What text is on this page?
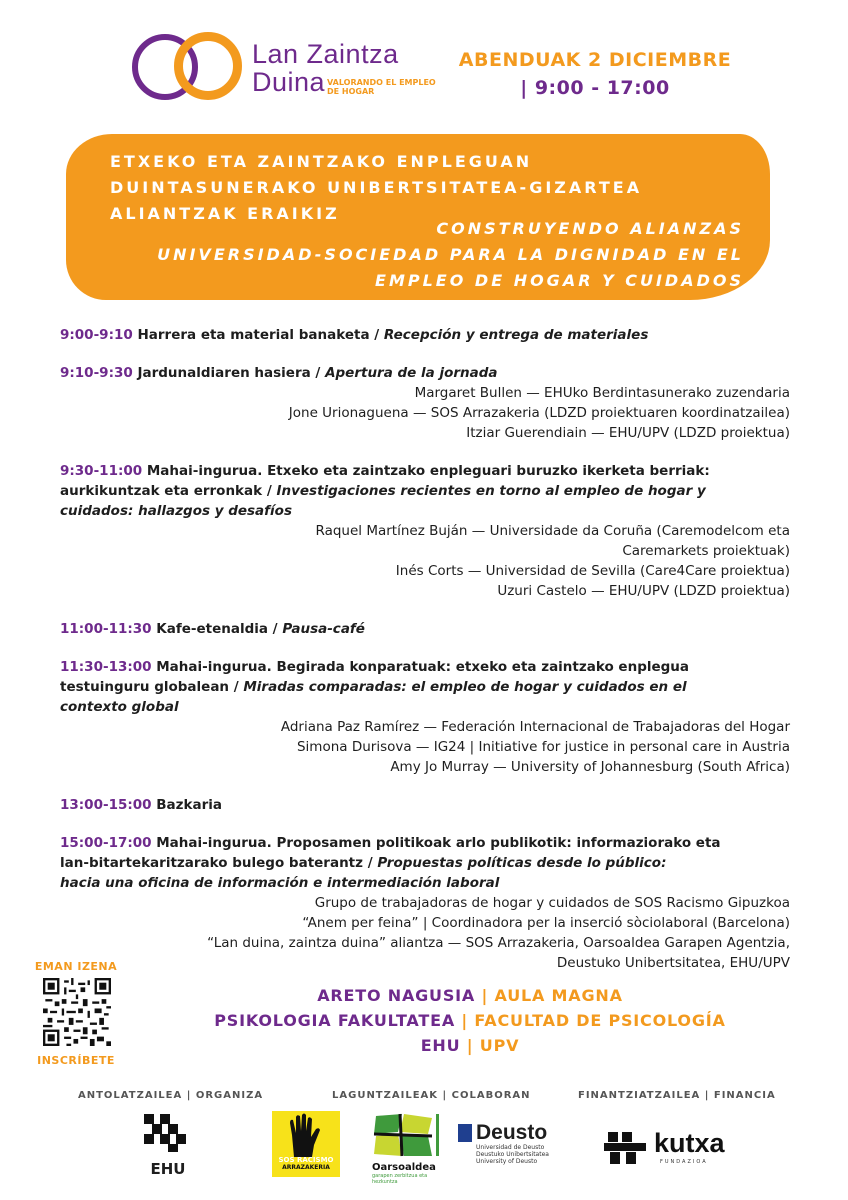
Lan Zaintza
Duina VALORANDO EL EMPLEO DE HOGAR
ABENDUAK 2 DICIEMBRE
| 9:00 - 17:00
ETXEKO ETA ZAINTZAKO ENPLEGUAN
DUINTASUNERAKO UNIBERTSITATEA-GIZARTEA
ALIANTZAK ERAIKIZ
CONSTRUYENDO ALIANZAS
UNIVERSIDAD-SOCIEDAD PARA LA DIGNIDAD EN EL
EMPLEO DE HOGAR Y CUIDADOS
9:00-9:10 Harrera eta material banaketa / Recepción y entrega de materiales
9:10-9:30 Jardunaldiaren hasiera / Apertura de la jornada
Margaret Bullen — EHUko Berdintasunerako zuzendaria
Jone Urionaguena — SOS Arrazakeria (LDZD proiektuaren koordinatzailea)
Itziar Guerendiain — EHU/UPV (LDZD proiektua)
9:30-11:00 Mahai-ingurua. Etxeko eta zaintzako enpleguari buruzko ikerketa berriak:
aurkikuntzak eta erronkak / Investigaciones recientes en torno al empleo de hogar y
cuidados: hallazgos y desafíos
Raquel Martínez Buján — Universidade da Coruña (Caremodelcom eta
Caremarkets proiektuak)
Inés Corts — Universidad de Sevilla (Care4Care proiektua)
Uzuri Castelo — EHU/UPV (LDZD proiektua)
11:00-11:30 Kafe-etenaldia / Pausa-café
11:30-13:00 Mahai-ingurua. Begirada konparatuak: etxeko eta zaintzako enplegua
testuinguru globalean / Miradas comparadas: el empleo de hogar y cuidados en el
contexto global
Adriana Paz Ramírez — Federación Internacional de Trabajadoras del Hogar
Simona Durisova — IG24 | Initiative for justice in personal care in Austria
Amy Jo Murray — University of Johannesburg (South Africa)
13:00-15:00 Bazkaria
15:00-17:00 Mahai-ingurua. Proposamen politikoak arlo publikotik: informaziorako eta
lan-bitartekaritzarako bulego baterantz / Propuestas políticas desde lo público:
hacia una oficina de información e intermediación laboral
Grupo de trabajadoras de hogar y cuidados de SOS Racismo Gipuzkoa
“Anem per feina” | Coordinadora per la inserció sòciolaboral (Barcelona)
“Lan duina, zaintza duina” aliantza — SOS Arrazakeria, Oarsoaldea Garapen Agentzia,
Deustuko Unibertsitatea, EHU/UPV
EMAN IZENA
INSCRÍBETE
ARETO NAGUSIA | AULA MAGNA
PSIKOLOGIA FAKULTATEA | FACULTAD DE PSICOLOGÍA
EHU | UPV
ANTOLATZAILEA | ORGANIZA	LAGUNTZAILEAK | COLABORAN	FINANTZIATZAILEA | FINANCIA
EHU	SOS RACISMO
ARRAZAKERIA	Oarsoaldea
garapen zerbitzua eta hezkuntza
Deusto
Universidad de Deusto
Deustuko Unibertsitatea
University of Deusto
kutxa
FUNDAZIOA
